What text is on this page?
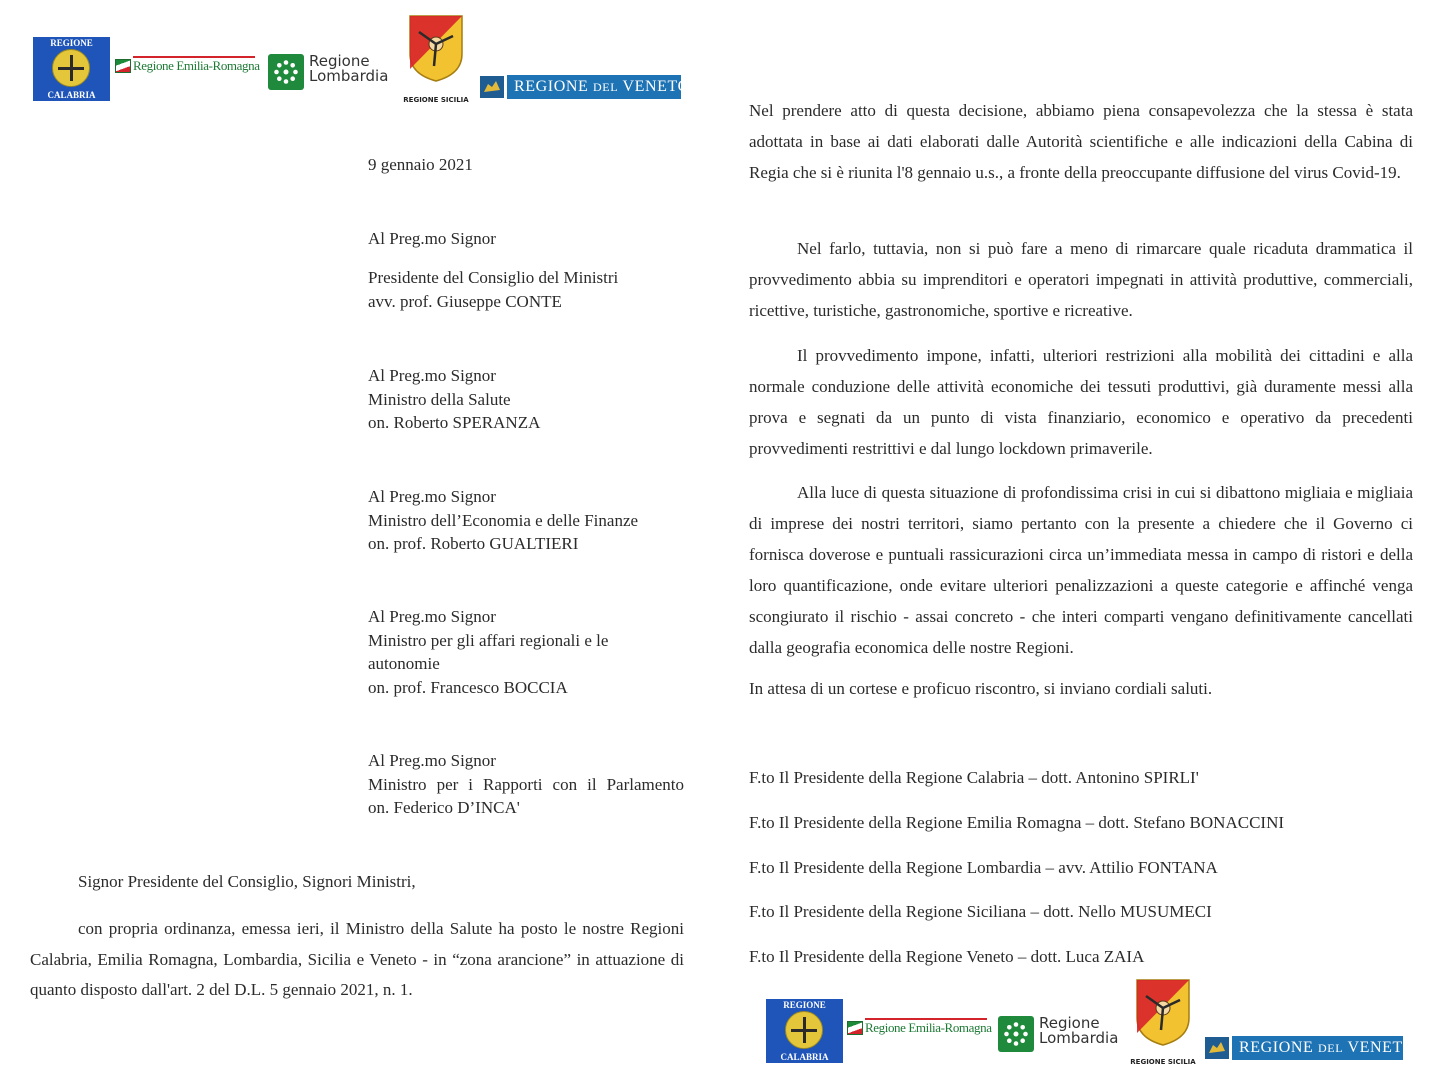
REGIONE
CALABRIA
Regione Emilia-Romagna	Regione
Lombardia
REGIONE SICILIA
REGIONE DEL VENETO
9 gennaio 2021
Al Preg.mo Signor
Presidente del Consiglio del Ministri
avv. prof. Giuseppe CONTE
Al Preg.mo Signor
Ministro della Salute
on. Roberto SPERANZA
Al Preg.mo Signor
Ministro dell’Economia e delle Finanze
on. prof. Roberto GUALTIERI
Al Preg.mo Signor
Ministro per gli affari regionali e le
autonomie
on. prof. Francesco BOCCIA
Al Preg.mo Signor
Ministro per i Rapporti con il Parlamento
on. Federico D’INCA'
Signor Presidente del Consiglio, Signori Ministri,
con propria ordinanza, emessa ieri, il Ministro della Salute ha posto le nostre Regioni Calabria, Emilia Romagna, Lombardia, Sicilia e Veneto - in “zona arancione” in attuazione di quanto disposto dall'art. 2 del D.L. 5 gennaio 2021, n. 1.
Nel prendere atto di questa decisione, abbiamo piena consapevolezza che la stessa è stata adottata in base ai dati elaborati dalle Autorità scientifiche e alle indicazioni della Cabina di Regia che si è riunita l'8 gennaio u.s., a fronte della preoccupante diffusione del virus Covid-19.
Nel farlo, tuttavia, non si può fare a meno di rimarcare quale ricaduta drammatica il provvedimento abbia su imprenditori e operatori impegnati in attività produttive, commerciali, ricettive, turistiche, gastronomiche, sportive e ricreative.
Il provvedimento impone, infatti, ulteriori restrizioni alla mobilità dei cittadini e alla normale conduzione delle attività economiche dei tessuti produttivi, già duramente messi alla prova e segnati da un punto di vista finanziario, economico e operativo da precedenti provvedimenti restrittivi e dal lungo lockdown primaverile.
Alla luce di questa situazione di profondissima crisi in cui si dibattono migliaia e migliaia di imprese dei nostri territori, siamo pertanto con la presente a chiedere che il Governo ci fornisca doverose e puntuali rassicurazioni circa un’immediata messa in campo di ristori e della loro quantificazione, onde evitare ulteriori penalizzazioni a queste categorie e affinché venga scongiurato il rischio - assai concreto - che interi comparti vengano definitivamente cancellati dalla geografia economica delle nostre Regioni.
In attesa di un cortese e proficuo riscontro, si inviano cordiali saluti.
F.to Il Presidente della Regione Calabria – dott. Antonino SPIRLI'
F.to Il Presidente della Regione Emilia Romagna – dott. Stefano BONACCINI
F.to Il Presidente della Regione Lombardia – avv. Attilio FONTANA
F.to Il Presidente della Regione Siciliana – dott. Nello MUSUMECI
F.to Il Presidente della Regione Veneto – dott. Luca ZAIA
REGIONE
CALABRIA
Regione Emilia-Romagna	Regione
Lombardia
REGIONE SICILIA
REGIONE DEL VENETO
